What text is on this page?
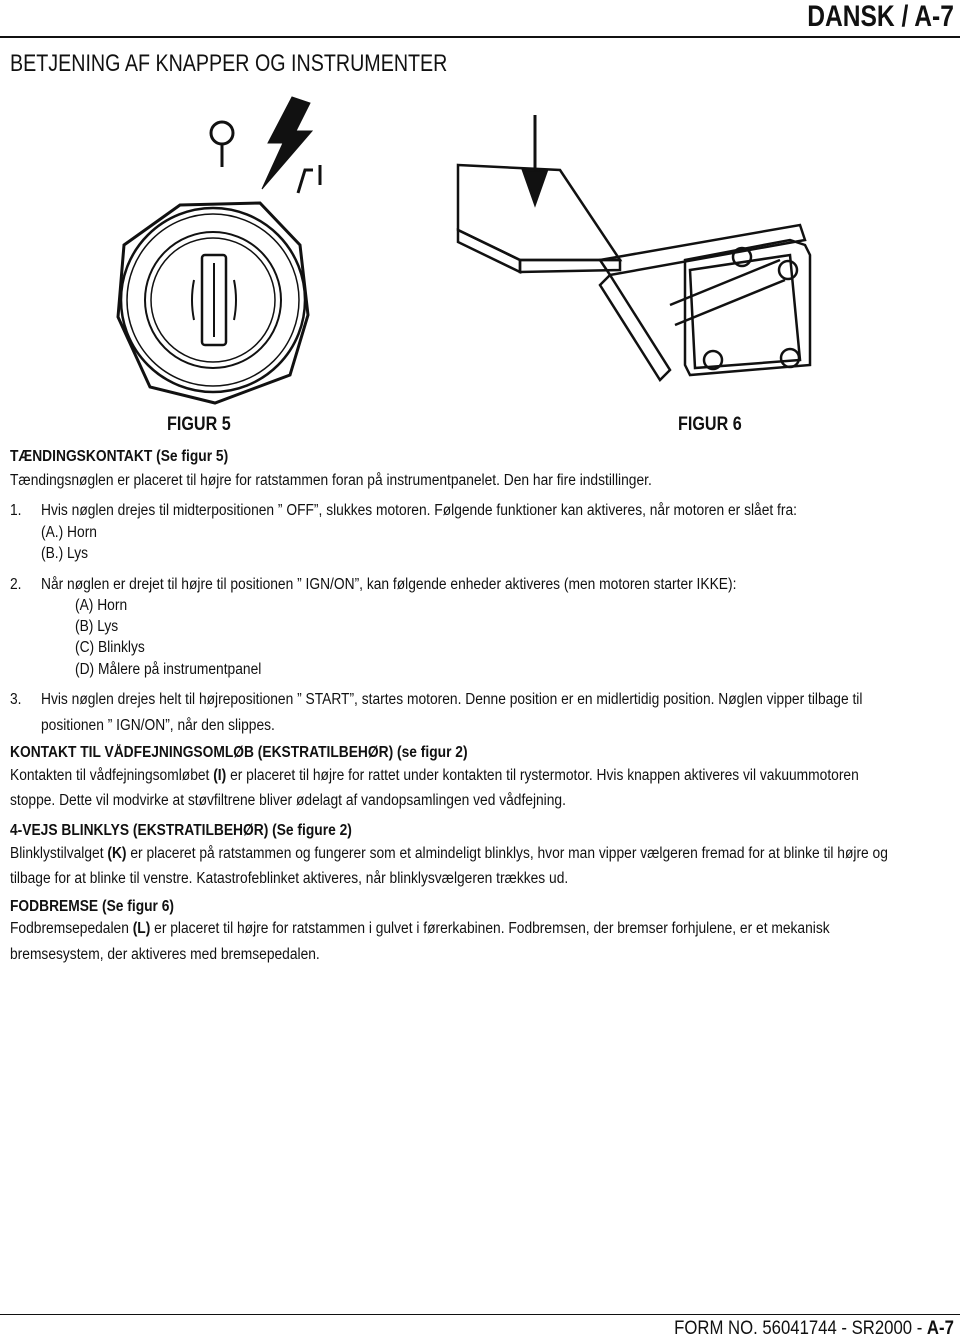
DANSK / A-7
BETJENING AF KNAPPER OG INSTRUMENTER
FIGUR 5	FIGUR 6
TÆNDINGSKONTAKT (Se figur 5)
Tændingsnøglen er placeret til højre for ratstammen foran på instrumentpanelet. Den har fire indstillinger.
1. Hvis nøglen drejes til midterpositionen ” OFF”, slukkes motoren. Følgende funktioner kan aktiveres, når motoren er slået fra:
(A.) Horn
(B.) Lys
2. Når nøglen er drejet til højre til positionen ” IGN/ON”, kan følgende enheder aktiveres (men motoren starter IKKE):
(A) Horn
(B) Lys
(C) Blinklys
(D) Målere på instrumentpanel
3. Hvis nøglen drejes helt til højrepositionen ” START”, startes motoren. Denne position er en midlertidig position. Nøglen vipper tilbage til
positionen ” IGN/ON”, når den slippes.
KONTAKT TIL VÅDFEJNINGSOMLØB (EKSTRATILBEHØR) (se figur 2)
Kontakten til vådfejningsomløbet (I) er placeret til højre for rattet under kontakten til rystermotor. Hvis knappen aktiveres vil vakuummotoren
stoppe. Dette vil modvirke at støvfiltrene bliver ødelagt af vandopsamlingen ved vådfejning.
4-VEJS BLINKLYS (EKSTRATILBEHØR) (Se figure 2)
Blinklystilvalget (K) er placeret på ratstammen og fungerer som et almindeligt blinklys, hvor man vipper vælgeren fremad for at blinke til højre og
tilbage for at blinke til venstre. Katastrofeblinket aktiveres, når blinklysvælgeren trækkes ud.
FODBREMSE (Se figur 6)
Fodbremsepedalen (L) er placeret til højre for ratstammen i gulvet i førerkabinen. Fodbremsen, der bremser forhjulene, er et mekanisk
bremsesystem, der aktiveres med bremsepedalen.
FORM NO. 56041744 - SR2000 - A-7
